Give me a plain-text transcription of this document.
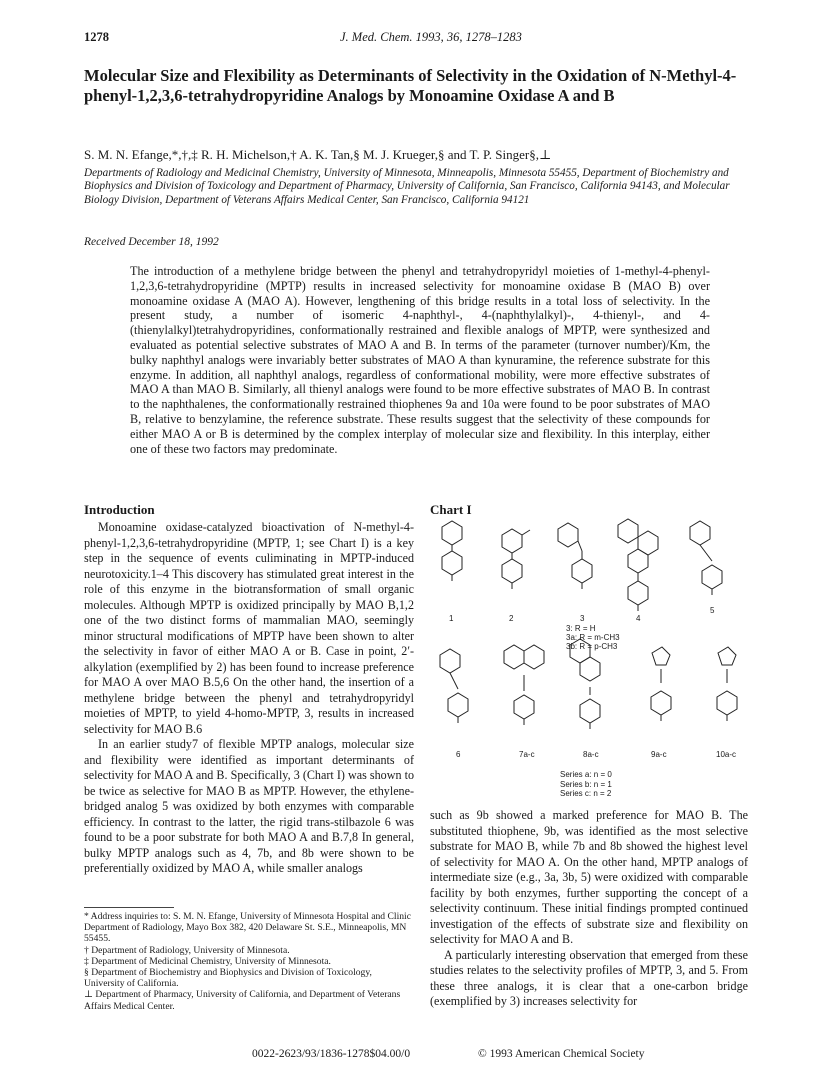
1278	J. Med. Chem. 1993, 36, 1278–1283
Molecular Size and Flexibility as Determinants of Selectivity in the Oxidation of N-Methyl-4-phenyl-1,2,3,6-tetrahydropyridine Analogs by Monoamine Oxidase A and B
S. M. N. Efange,*,†,‡ R. H. Michelson,† A. K. Tan,§ M. J. Krueger,§ and T. P. Singer§,⊥
Departments of Radiology and Medicinal Chemistry, University of Minnesota, Minneapolis, Minnesota 55455, Department of Biochemistry and Biophysics and Division of Toxicology and Department of Pharmacy, University of California, San Francisco, California 94143, and Molecular Biology Division, Department of Veterans Affairs Medical Center, San Francisco, California 94121
Received December 18, 1992
The introduction of a methylene bridge between the phenyl and tetrahydropyridyl moieties of 1-methyl-4-phenyl-1,2,3,6-tetrahydropyridine (MPTP) results in increased selectivity for monoamine oxidase B (MAO B) over monoamine oxidase A (MAO A). However, lengthening of this bridge results in a total loss of selectivity. In the present study, a number of isomeric 4-naphthyl-, 4-(naphthylalkyl)-, 4-thienyl-, and 4-(thienylalkyl)tetrahydropyridines, conformationally restrained and flexible analogs of MPTP, were synthesized and evaluated as potential selective substrates of MAO A and B. In terms of the parameter (turnover number)/Km, the bulky naphthyl analogs were invariably better substrates of MAO A than kynuramine, the reference substrate for this enzyme. In addition, all naphthyl analogs, regardless of conformational mobility, were more effective substrates of MAO A than MAO B. Similarly, all thienyl analogs were found to be more effective substrates of MAO B. In contrast to the naphthalenes, the conformationally restrained thiophenes 9a and 10a were found to be poor substrates of MAO B, relative to benzylamine, the reference substrate. These results suggest that the selectivity of these compounds for either MAO A or B is determined by the complex interplay of molecular size and flexibility. In this interplay, either one of these two factors may predominate.
Introduction

Monoamine oxidase-catalyzed bioactivation of N-methyl-4-phenyl-1,2,3,6-tetrahydropyridine (MPTP, 1; see Chart I) is a key step in the sequence of events culiminating in MPTP-induced neurotoxicity.1–4 This discovery has stimulated great interest in the role of this enzyme in the biotransformation of small organic molecules. Although MPTP is oxidized principally by MAO B,1,2 one of the two distinct forms of mammalian MAO, seemingly minor structural modifications of MPTP have been shown to alter the selectivity in favor of either MAO A or B. Case in point, 2′-alkylation (exemplified by 2) has been found to increase preference for MAO A over MAO B.5,6 On the other hand, the insertion of a methylene bridge between the phenyl and tetrahydropyridyl moieties of MPTP, to yield 4-homo-MPTP, 3, results in increased selectivity for MAO B.6

In an earlier study7 of flexible MPTP analogs, molecular size and flexibility were identified as important determinants of selectivity for MAO A and B. Specifically, 3 (Chart I) was shown to be twice as selective for MAO B as MPTP. However, the ethylene-bridged analog 5 was oxidized by both enzymes with comparable efficiency. In contrast to the latter, the rigid trans-stilbazole 6 was found to be a poor substrate for both MAO A and B.7,8 In general, bulky MPTP analogs such as 4, 7b, and 8b were shown to be preferentially oxidized by MAO A, while smaller analogs

* Address inquiries to: S. M. N. Efange, University of Minnesota Hospital and Clinic Department of Radiology, Mayo Box 382, 420 Delaware St. S.E., Minneapolis, MN 55455.
† Department of Radiology, University of Minnesota.
‡ Department of Medicinal Chemistry, University of Minnesota.
§ Department of Biochemistry and Biophysics and Division of Toxicology, University of California.
⊥ Department of Pharmacy, University of California, and Department of Veterans Affairs Medical Center.
Chart I
1	2	3
3: R = H
3a: R = m-CH3
3b: R = p-CH3
4
5
6	7a-c	8a-c	9a-c	10a-c
Series a: n = 0
Series b: n = 1
Series c: n = 2

such as 9b showed a marked preference for MAO B. The substituted thiophene, 9b, was identified as the most selective substrate for MAO B, while 7b and 8b showed the highest level of selectivity for MAO A. On the other hand, MPTP analogs of intermediate size (e.g., 3a, 3b, 5) were oxidized with comparable facility by both enzymes, further supporting the concept of a selectivity continuum. These initial findings prompted continued investigation of the effects of substrate size and flexibility on selectivity for MAO A and B.

A particularly interesting observation that emerged from these studies relates to the selectivity profiles of MPTP, 3, and 5. From these three analogs, it is clear that a one-carbon bridge (exemplified by 3) increases selectivity for

0022-2623/93/1836-1278$04.00/0	© 1993 American Chemical Society
